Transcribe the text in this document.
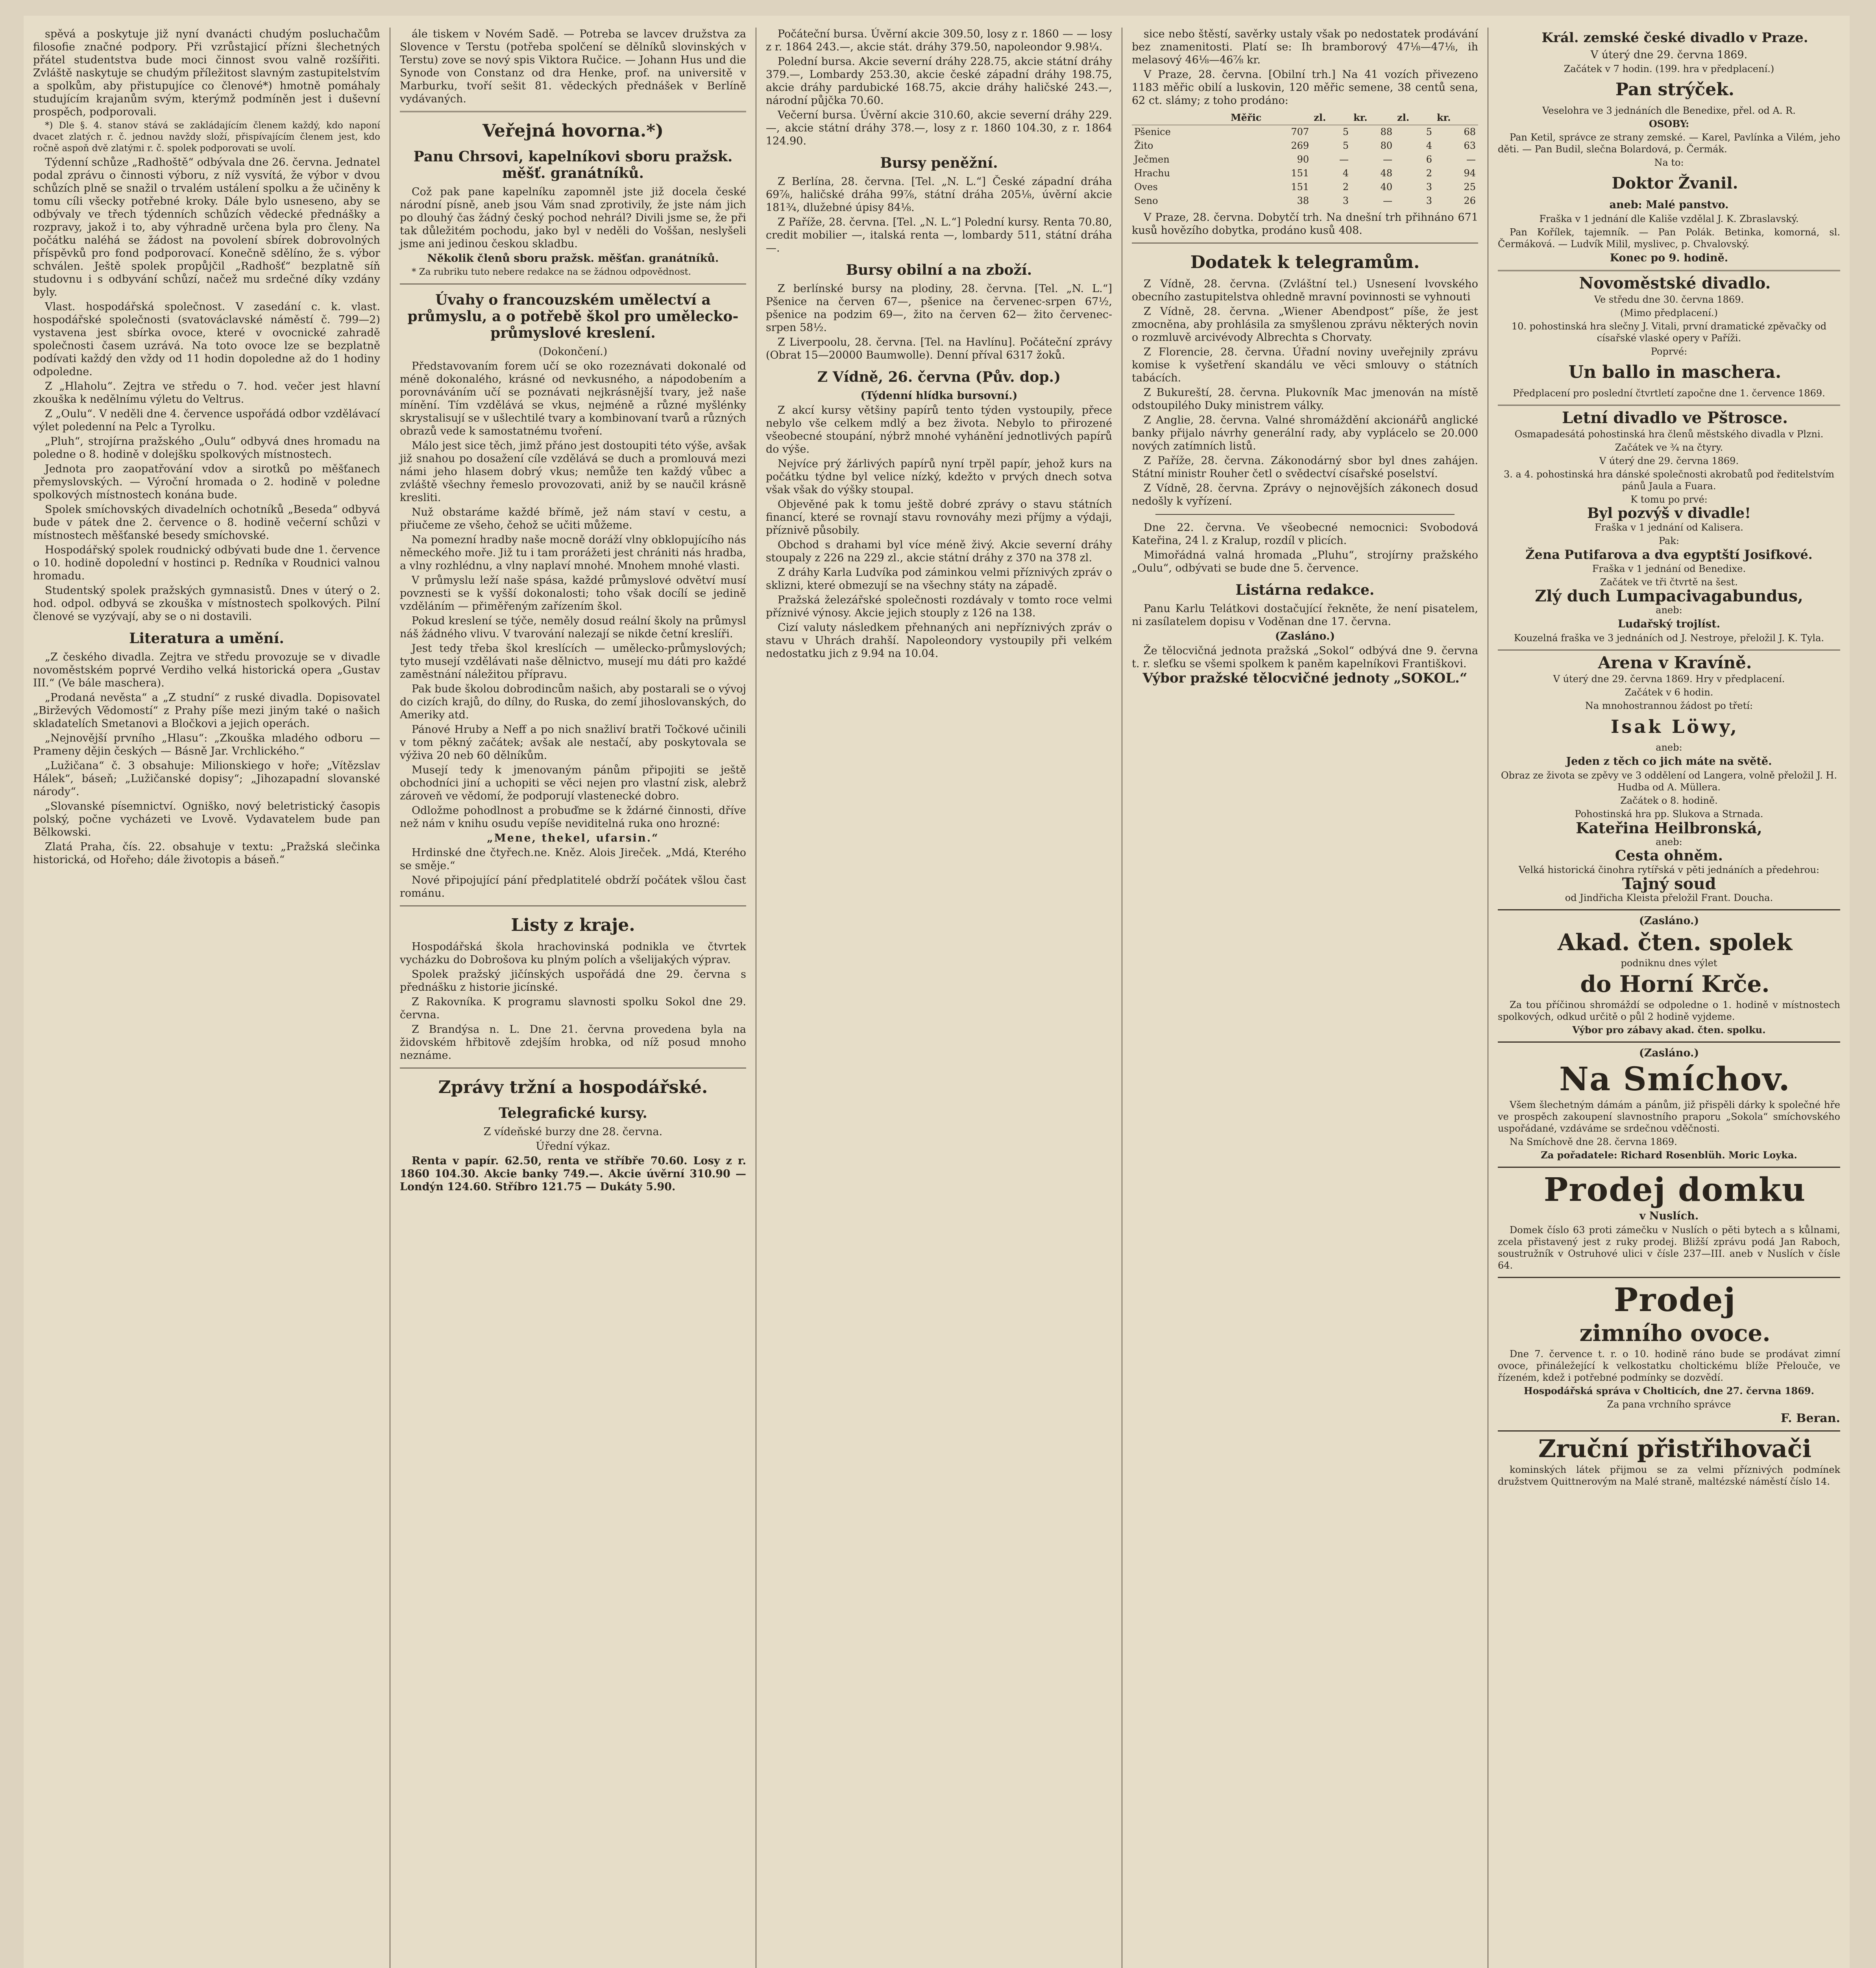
spěvá a poskytuje již nyní dvanácti chudým posluchačům filosofie značné podpory. Při vzrůstajicí přízni šlechetných přátel studentstva bude moci činnost svou valně rozšířiti. Zvláště naskytuje se chudým příležitost slavným zastupitelstvím a spolkům, aby přistupujíce co členové*) hmotně pomáhaly studujícím krajanům svým, kterýmž podmíněn jest i duševní prospěch, podporovali.

*) Dle §. 4. stanov stává se zakládajícím členem každý, kdo naponí dvacet zlatých r. č. jednou navždy složí, přispívajícím členem jest, kdo ročně aspoň dvě zlatými r. č. spolek podporovati se uvolí.

Týdenní schůze „Radhoště“ odbývala dne 26. června. Jednatel podal zprávu o činnosti výboru, z níž vysvítá, že výbor v dvou schůzích plně se snažil o trvalém ustálení spolku a že učiněny k tomu cíli všecky potřebné kroky. Dále bylo usneseno, aby se odbývaly ve třech týdenních schůzích vědecké přednášky a rozpravy, jakož i to, aby výhradně určena byla pro členy. Na počátku naléhá se žádost na povolení sbírek dobrovolných příspěvků pro fond podporovací. Konečně sdělíno, že s. výbor schválen. Ještě spolek propůjčil „Radhošť“ bezplatně síň studovnu i s odbyvání schůzí, načež mu srdečné díky vzdány byly.

Vlast. hospodářská společnost. V zasedání c. k. vlast. hospodářské společnosti (svatováclavské náměstí č. 799—2) vystavena jest sbírka ovoce, které v ovocnické zahradě společnosti časem uzrává. Na toto ovoce lze se bezplatně podívati každý den vždy od 11 hodin dopoledne až do 1 hodiny odpoledne.

Z „Hlaholu“. Zejtra ve středu o 7. hod. večer jest hlavní zkouška k nedělnímu výletu do Veltrus.

Z „Oulu“. V neděli dne 4. července uspořádá odbor vzdělávací výlet poledenní na Pelc a Tyrolku.

„Pluh“, strojírna pražského „Oulu“ odbyvá dnes hromadu na poledne o 8. hodině v dolejšku spolkových místnostech.

Jednota pro zaopatřování vdov a sirotků po měšťanech přemyslovských. — Výroční hromada o 2. hodině v poledne spolkových místnostech konána bude.

Spolek smíchovských divadelních ochotníků „Beseda“ odbyvá bude v pátek dne 2. července o 8. hodině večerní schůzi v místnostech měšťanské besedy smíchovské.

Hospodářský spolek roudnický odbývati bude dne 1. července o 10. hodině dopolední v hostinci p. Redníka v Roudnici valnou hromadu.

Studentský spolek pražských gymnasistů. Dnes v úterý o 2. hod. odpol. odbyvá se zkouška v místnostech spolkových. Pilní členové se vyzývají, aby se o ni dostavili.

Literatura a umění.

„Z českého divadla. Zejtra ve středu provozuje se v divadle novoměstském poprvé Verdiho velká historická opera „Gustav III.“ (Ve bále maschera).

„Prodaná nevěsta“ a „Z studní“ z ruské divadla. Dopisovatel „Birževých Vědomostí“ z Prahy píše mezi jiným také o našich skladatelích Smetanovi a Bločkovi a jejich operách.

„Nejnovější prvního „Hlasu“: „Zkouška mladého odboru — Prameny dějin českých — Básně Jar. Vrchlického.“

„Lužičana“ č. 3 obsahuje: Milionskiego v hoře; „Vítězslav Hálek“, báseň; „Lužičanské dopisy“; „Jihozapadní slovanské národy“.

„Slovanské písemnictví. Ogniško, nový beletristický časopis polský, počne vycházeti ve Lvově. Vydavatelem bude pan Bělkowski.

Zlatá Praha, čís. 22. obsahuje v textu: „Pražská slečinka historická, od Hořeho; dále životopis a báseň.“

ále tiskem v Novém Sadě. — Potreba se lavcev družstva za Slovence v Terstu (potřeba spolčení se dělníků slovinských v Terstu) zove se nový spis Viktora Ručice. — Johann Hus und die Synode von Constanz od dra Henke, prof. na universitě v Marburku, tvoří sešit 81. vědeckých přednášek v Berlíně vydávaných.

Veřejná hovorna.*)
Panu Chrsovi, kapelníkovi sboru pražsk. měšť. granátníků.

Což pak pane kapelníku zapomněl jste již docela české národní písně, aneb jsou Vám snad zprotivily, že jste nám jich po dlouhý čas žádný český pochod nehrál? Divili jsme se, že při tak důležitém pochodu, jako byl v neděli do Voššan, neslyšeli jsme ani jedinou českou skladbu.

Několik členů sboru pražsk. měšťan. granátníků.

* Za rubriku tuto nebere redakce na se žádnou odpovědnost.

Úvahy o francouzském umělectví a průmyslu, a o potřebě škol pro umělecko-průmyslové kreslení.

(Dokončení.)

Představovaním forem učí se oko rozeznávati dokonalé od méně dokonalého, krásné od nevkusného, a nápodobením a porovnáváním učí se poznávati nejkrásnější tvary, jež naše mínění. Tím vzdělává se vkus, nejméně a různé myšlénky skrystalisují se v ušlechtilé tvary a kombinovaní tvarů a různých obrazů vede k samostatnému tvoření.

Málo jest sice těch, jimž přáno jest dostoupiti této výše, avšak již snahou po dosažení cíle vzdělává se duch a promlouvá mezi námi jeho hlasem dobrý vkus; nemůže ten každý vůbec a zvláště všechny řemeslo provozovati, aniž by se naučil krásně kresliti.

Nuž obstaráme každé břímě, jež nám staví v cestu, a přiučeme ze všeho, čehož se učiti můžeme.

Na pomezní hradby naše mocně doráží vlny obklopujícího nás německého moře. Již tu i tam prorážeti jest chrániti nás hradba, a vlny rozhlédnu, a vlny naplaví mnohé. Mnohem mnohé vlasti.

V průmyslu leží naše spása, každé průmyslové odvětví musí povznesti se k vyšší dokonalosti; toho však docílí se jedině vzděláním — přiměřeným zařízením škol.

Pokud kreslení se týče, neměly dosud reální školy na průmysl náš žádného vlivu. V tvarování nalezají se nikde četní kreslíři.

Jest tedy třeba škol kreslících — umělecko-průmyslových; tyto musejí vzdělávati naše dělnictvo, musejí mu dáti pro každé zaměstnání náležitou přípravu.

Pak bude školou dobrodincům našich, aby postarali se o vývoj do cizích krajů, do dílny, do Ruska, do zemí jihoslovanských, do Ameriky atd.

Pánové Hruby a Neff a po nich snažliví bratři Točkové učinili v tom pěkný začátek; avšak ale nestačí, aby poskytovala se výživa 20 neb 60 dělníkům.

Musejí tedy k jmenovaným pánům připojiti se ještě obchodníci jiní a uchopiti se věci nejen pro vlastní zisk, alebrž zároveň ve vědomí, že podporují vlastenecké dobro.

Odložme pohodlnost a probuďme se k ždárné činnosti, dříve než nám v knihu osudu vepíše neviditelná ruka ono hrozné:

„Mene, thekel, ufarsin.“

Hrdinské dne čtyřech.ne. Kněz. Alois Jireček. „Mdá, Kterého se směje.“

Nové připojující pání předplatitelé obdrží počátek všlou čast románu.

Listy z kraje.

Hospodářská škola hrachovinská podnikla ve čtvrtek vycházku do Dobrošova ku plným polích a všelijakých výprav.

Spolek pražský jičínských uspořádá dne 29. června s přednášku z historie jicínské.

Z Rakovníka. K programu slavnosti spolku Sokol dne 29. června.

Z Brandýsa n. L. Dne 21. června provedena byla na židovském hřbitově zdejším hrobka, od níž posud mnoho neznáme.

Zprávy tržní a hospodářské.
Telegrafické kursy.

Z vídeňské burzy dne 28. června.

Úřední výkaz.

Renta v papír. 62.50, renta ve stříbře 70.60. Losy z r. 1860 104.30. Akcie banky 749.—. Akcie úvěrní 310.90 — Londýn 124.60. Stříbro 121.75 — Dukáty 5.90.

Počáteční bursa. Úvěrní akcie 309.50, losy z r. 1860 — — losy z r. 1864 243.—, akcie stát. dráhy 379.50, napoleondor 9.98¼.

Polední bursa. Akcie severní dráhy 228.75, akcie státní dráhy 379.—, Lombardy 253.30, akcie české západní dráhy 198.75, akcie dráhy pardubické 168.75, akcie dráhy haličské 243.—, národní půjčka 70.60.

Večerní bursa. Úvěrní akcie 310.60, akcie severní dráhy 229.—, akcie státní dráhy 378.—, losy z r. 1860 104.30, z r. 1864 124.90.

Bursy peněžní.

Z Berlína, 28. června. [Tel. „N. L.“] České západní dráha 69⅞, haličské dráha 99⅞, státní dráha 205⅛, úvěrní akcie 181¾, dlužebné úpisy 84⅛.

Z Paříže, 28. června. [Tel. „N. L.“] Polední kursy. Renta 70.80, credit mobilier —, italská renta —, lombardy 511, státní dráha —.

Bursy obilní a na zboží.

Z berlínské bursy na plodiny, 28. června. [Tel. „N. L.“] Pšenice na červen 67—, pšenice na červenec-srpen 67½, pšenice na podzim 69—, žito na červen 62— žito červenec-srpen 58½.

Z Liverpoolu, 28. června. [Tel. na Havlínu]. Počáteční zprávy (Obrat 15—20000 Baumwolle). Denní příval 6317 žoků.

Z Vídně, 26. června (Pův. dop.)

(Týdenní hlídka bursovní.)

Z akcí kursy většiny papírů tento týden vystoupily, přece nebylo vše celkem mdlý a bez života. Nebylo to přirozené všeobecné stoupání, nýbrž mnohé vyhánění jednotlivých papírů do výše.

Nejvíce prý žárlivých papírů nyní trpěl papír, jehož kurs na počátku týdne byl velice nízký, kdežto v prvých dnech sotva však však do výšky stoupal.

Objevěné pak k tomu ještě dobré zprávy o stavu státních financí, které se rovnají stavu rovnováhy mezi příjmy a výdaji, příznivě působily.

Obchod s drahami byl více méně živý. Akcie severní dráhy stoupaly z 226 na 229 zl., akcie státní dráhy z 370 na 378 zl.

Z dráhy Karla Ludvíka pod záminkou velmi příznivých zpráv o sklizni, které obmezují se na všechny státy na západě.

Pražská železářské společnosti rozdávaly v tomto roce velmi příznivé výnosy. Akcie jejich stouply z 126 na 138.

Cizí valuty následkem přehnaných ani nepříznivých zpráv o stavu v Uhrách drahší. Napoleondory vystoupily při velkém nedostatku jich z 9.94 na 10.04.

sice nebo štěstí, savěrky ustaly však po nedostatek prodávání bez znamenitosti. Platí se: Ih bramborový 47⅛—47⅛, ih melasový 46⅛—46⅞ kr.

V Praze, 28. června. [Obilní trh.] Na 41 vozích přivezeno 1183 měřic obilí a luskovin, 120 měřic semene, 38 centů sena, 62 ct. slámy; z toho prodáno:

	Měřic	zl.	kr.	zl.	kr.
Pšenice	707	5	88	5	68
Žito	269	5	80	4	63
Ječmen	90	—	—	6	—
Hrachu	151	4	48	2	94
Oves	151	2	40	3	25
Seno	38	3	—	3	26

V Praze, 28. června. Dobytčí trh. Na dnešní trh přihnáno 671 kusů hovězího dobytka, prodáno kusů 408.

Dodatek k telegramům.

Z Vídně, 28. června. (Zvláštní tel.) Usnesení lvovského obecního zastupitelstva ohledně mravní povinnosti se vyhnouti

Z Vídně, 28. června. „Wiener Abendpost“ píše, že jest zmocněna, aby prohlásila za smyšlenou zprávu některých novin o rozmluvě arcivévody Albrechta s Chorvaty.

Z Florencie, 28. června. Úřadní noviny uveřejnily zprávu komise k vyšetření skandálu ve věci smlouvy o státních tabácích.

Z Bukureští, 28. června. Plukovník Mac jmenován na místě odstoupilého Duky ministrem války.

Z Anglie, 28. června. Valné shromáždění akcionářů anglické banky přijalo návrhy generální rady, aby vyplácelo se 20.000 nových zatímních listů.

Z Paříže, 28. června. Zákonodárný sbor byl dnes zahájen. Státní ministr Rouher četl o svědectví císařské poselství.

Z Vídně, 28. června. Zprávy o nejnovějších zákonech dosud nedošly k vyřízení.

Dne 22. června. Ve všeobecné nemocnici: Svobodová Kateřina, 24 l. z Kralup, rozdíl v plicích.

Mimořádná valná hromada „Pluhu“, strojírny pražského „Oulu“, odbývati se bude dne 5. července.

Listárna redakce.

Panu Karlu Telátkovi dostačující řekněte, že není pisatelem, ni zasílatelem dopisu v Voděnan dne 17. června.

(Zasláno.)

Že tělocvičná jednota pražská „Sokol“ odbývá dne 9. června t. r. sleťku se všemi spolkem k paněm kapelníkovi Františkovi.

Výbor pražské tělocvičné jednoty „SOKOL.“

Král. zemské české divadlo v Praze.

V úterý dne 29. června 1869.

Začátek v 7 hodin. (199. hra v předplacení.)

Pan strýček.

Veselohra ve 3 jednáních dle Benedixe, přel. od A. R.

OSOBY:

Pan Ketil, správce ze strany zemské. — Karel, Pavlínka a Vilém, jeho děti. — Pan Budil, slečna Bolardová, p. Čermák.

Na to:

Doktor Žvanil.

aneb: Malé panstvo.

Fraška v 1 jednání dle Kališe vzdělal J. K. Zbraslavský.

Pan Kořílek, tajemník. — Pan Polák. Betinka, komorná, sl. Čermáková. — Ludvík Milil, myslivec, p. Chvalovský.

Konec po 9. hodině.

Novoměstské divadlo.

Ve středu dne 30. června 1869.

(Mimo předplacení.)

10. pohostinská hra slečny J. Vitali, první dramatické zpěvačky od císařské vlaské opery v Paříži.

Poprvé:

Un ballo in maschera.

Předplacení pro poslední čtvrtletí započne dne 1. července 1869.

Letní divadlo ve Pštrosce.

Osmapadesátá pohostinská hra členů městského divadla v Plzni.

Začátek ve ¾ na čtyry.

V úterý dne 29. června 1869.

3. a 4. pohostinská hra dánské společnosti akrobatů pod ředitelstvím pánů Jaula a Fuara.

K tomu po prvé:

Byl pozvýš v divadle!

Fraška v 1 jednání od Kalisera.

Pak:

Žena Putifarova a dva egyptští Josifkové.

Fraška v 1 jednání od Benedixe.

Začátek ve tři čtvrtě na šest.

Zlý duch Lumpacivagabundus,

aneb:

Ludařský trojlíst.

Kouzelná fraška ve 3 jednáních od J. Nestroye, přeložil J. K. Tyla.

Arena v Kravíně.

V úterý dne 29. června 1869. Hry v předplacení.

Začátek v 6 hodin.

Na mnohostrannou žádost po třetí:

Isak Löwy,

aneb:

Jeden z těch co jich máte na světě.

Obraz ze života se zpěvy ve 3 oddělení od Langera, volně přeložil J. H. Hudba od A. Müllera.

Začátek o 8. hodině.

Pohostinská hra pp. Slukova a Strnada.

Kateřina Heilbronská,

aneb:

Cesta ohněm.

Velká historická činohra rytířská v pěti jednáních a předehrou:

Tajný soud

od Jindřicha Kleista přeložil Frant. Doucha.

(Zasláno.)

Akad. čten. spolek

podniknu dnes výlet

do Horní Krče.

Za tou příčinou shromáždí se odpoledne o 1. hodině v místnostech spolkových, odkud určitě o půl 2 hodině vyjdeme.

Výbor pro zábavy akad. čten. spolku.

(Zasláno.)

Na Smíchov.

Všem šlechetným dámám a pánům, již přispěli dárky k společné hře ve prospěch zakoupení slavnostního praporu „Sokola“ smíchovského uspořádané, vzdáváme se srdečnou vděčnosti.

Na Smíchově dne 28. června 1869.

Za pořadatele: Richard Rosenblüh. Moric Loyka.

Prodej domku

v Nuslích.

Domek číslo 63 proti zámečku v Nuslích o pěti bytech a s kůlnami, zcela přistavený jest z ruky prodej. Bližší zprávu podá Jan Raboch, soustružník v Ostruhové ulici v čísle 237—III. aneb v Nuslích v čísle 64.

Prodej

zimního ovoce.

Dne 7. července t. r. o 10. hodině ráno bude se prodávat zimní ovoce, přináležející k velkostatku choltickému blíže Přelouče, ve řízeném, kdež i potřebné podmínky se dozvědí.

Hospodářská správa v Cholticích, dne 27. června 1869.

Za pana vrchního správce

F. Beran.

Zruční přistřihovači

kominských látek přijmou se za velmi příznivých podmínek družstvem Quittnerovým na Malé straně, maltézské náměstí číslo 14.
